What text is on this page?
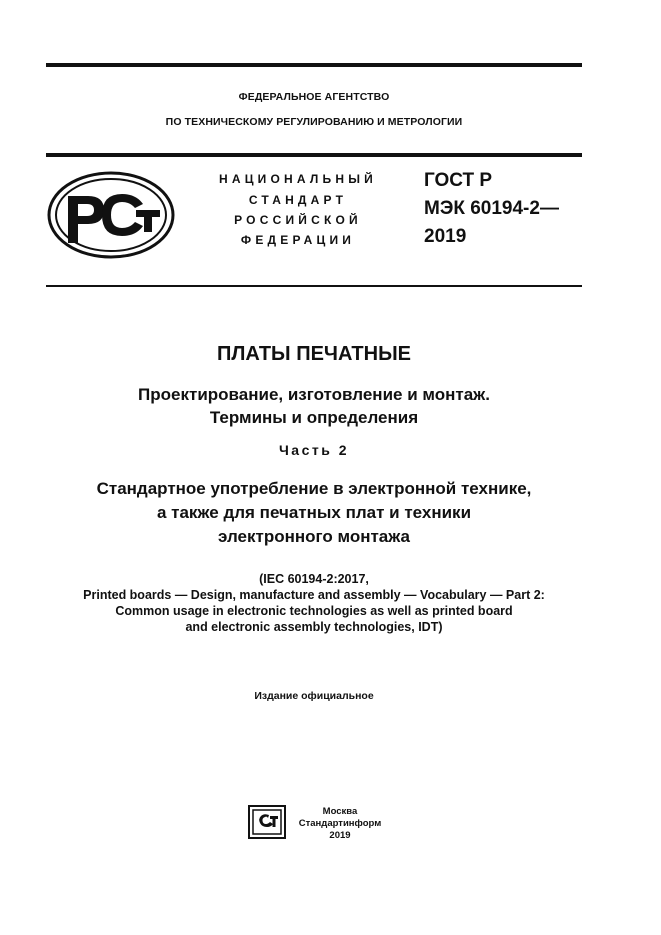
ФЕДЕРАЛЬНОЕ АГЕНТСТВО
ПО ТЕХНИЧЕСКОМУ РЕГУЛИРОВАНИЮ И МЕТРОЛОГИИ
НАЦИОНАЛЬНЫЙ
СТАНДАРТ
РОССИЙСКОЙ
ФЕДЕРАЦИИ
ГОСТ Р
МЭК 60194-2—
2019
ПЛАТЫ ПЕЧАТНЫЕ
Проектирование, изготовление и монтаж.
Термины и определения
Часть 2
Стандартное употребление в электронной технике,
а также для печатных плат и техники
электронного монтажа
(IEC 60194-2:2017,
Printed boards — Design, manufacture and assembly — Vocabulary — Part 2:
Common usage in electronic technologies as well as printed board
and electronic assembly technologies, IDT)
Издание официальное
Москва
Стандартинформ
2019
